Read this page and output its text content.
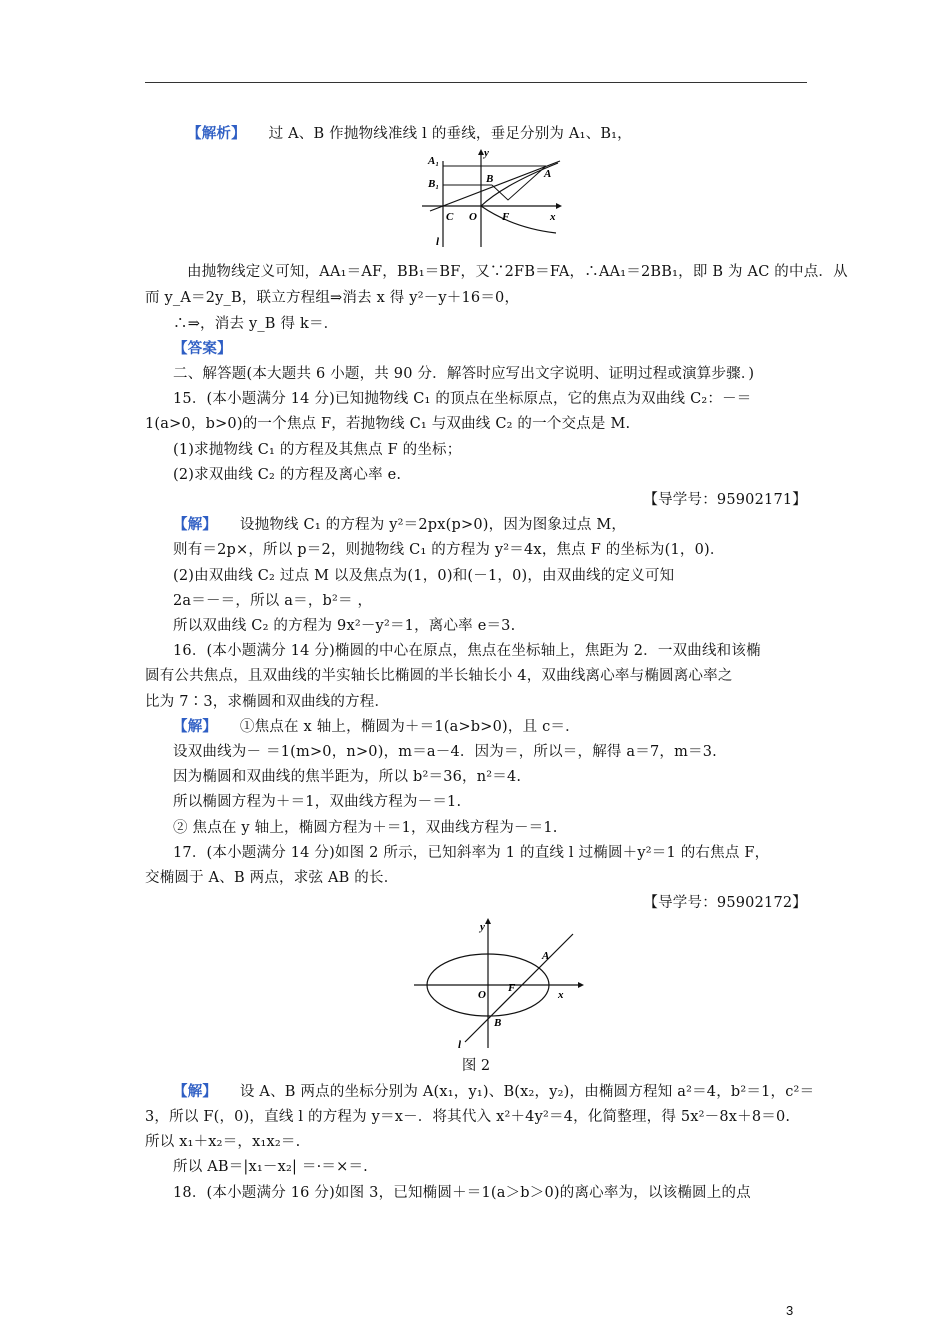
【解析】 过 A、B 作抛物线准线 l 的垂线，垂足分别为 A₁、B₁，
A₁
B₁
y
B	A
C O F	x
l
由抛物线定义可知，AA₁＝AF，BB₁＝BF，又∵2FB＝FA，∴AA₁＝2BB₁，即 B 为 AC 的中点．从
而 y_A＝2y_B，联立方程组⇒消去 x 得 y²－y＋16＝0，
∴⇒，消去 y_B 得 k＝．
【答案】
二、解答题(本大题共 6 小题，共 90 分．解答时应写出文字说明、证明过程或演算步骤．)
15．(本小题满分 14 分)已知抛物线 C₁ 的顶点在坐标原点，它的焦点为双曲线 C₂：－＝
1(a>0，b>0)的一个焦点 F，若抛物线 C₁ 与双曲线 C₂ 的一个交点是 M.
(1)求抛物线 C₁ 的方程及其焦点 F 的坐标；
(2)求双曲线 C₂ 的方程及离心率 e.
【导学号：95902171】
【解】 设抛物线 C₁ 的方程为 y²＝2px(p>0)，因为图象过点 M，
则有＝2p×，所以 p＝2，则抛物线 C₁ 的方程为 y²＝4x，焦点 F 的坐标为(1，0)．
(2)由双曲线 C₂ 过点 M 以及焦点为(1，0)和(－1，0)，由双曲线的定义可知
2a＝－＝，所以 a＝，b²＝ ，
所以双曲线 C₂ 的方程为 9x²－y²＝1，离心率 e＝3.
16．(本小题满分 14 分)椭圆的中心在原点，焦点在坐标轴上，焦距为 2．一双曲线和该椭
圆有公共焦点，且双曲线的半实轴长比椭圆的半长轴长小 4，双曲线离心率与椭圆离心率之
比为 7∶3，求椭圆和双曲线的方程．
【解】 ①焦点在 x 轴上，椭圆为＋＝1(a>b>0)，且 c＝．
设双曲线为－ ＝1(m>0，n>0)，m＝a－4．因为＝，所以＝，解得 a＝7，m＝3.
因为椭圆和双曲线的焦半距为，所以 b²＝36，n²＝4.
所以椭圆方程为＋＝1，双曲线方程为－＝1.
② 焦点在 y 轴上，椭圆方程为＋＝1，双曲线方程为－＝1.
17．(本小题满分 14 分)如图 2 所示，已知斜率为 1 的直线 l 过椭圆＋y²＝1 的右焦点 F，
交椭圆于 A、B 两点，求弦 AB 的长．
【导学号：95902172】
y
A
O
F
x
B
l
图 2
【解】 设 A、B 两点的坐标分别为 A(x₁，y₁)、B(x₂，y₂)，由椭圆方程知 a²＝4，b²＝1，c²＝
3，所以 F(，0)，直线 l 的方程为 y＝x－．将其代入 x²＋4y²＝4，化简整理，得 5x²－8x＋8＝0.
所以 x₁＋x₂＝，x₁x₂＝.
所以 AB＝|x₁－x₂| ＝·＝×＝.
18．(本小题满分 16 分)如图 3，已知椭圆＋＝1(a＞b＞0)的离心率为，以该椭圆上的点
3
